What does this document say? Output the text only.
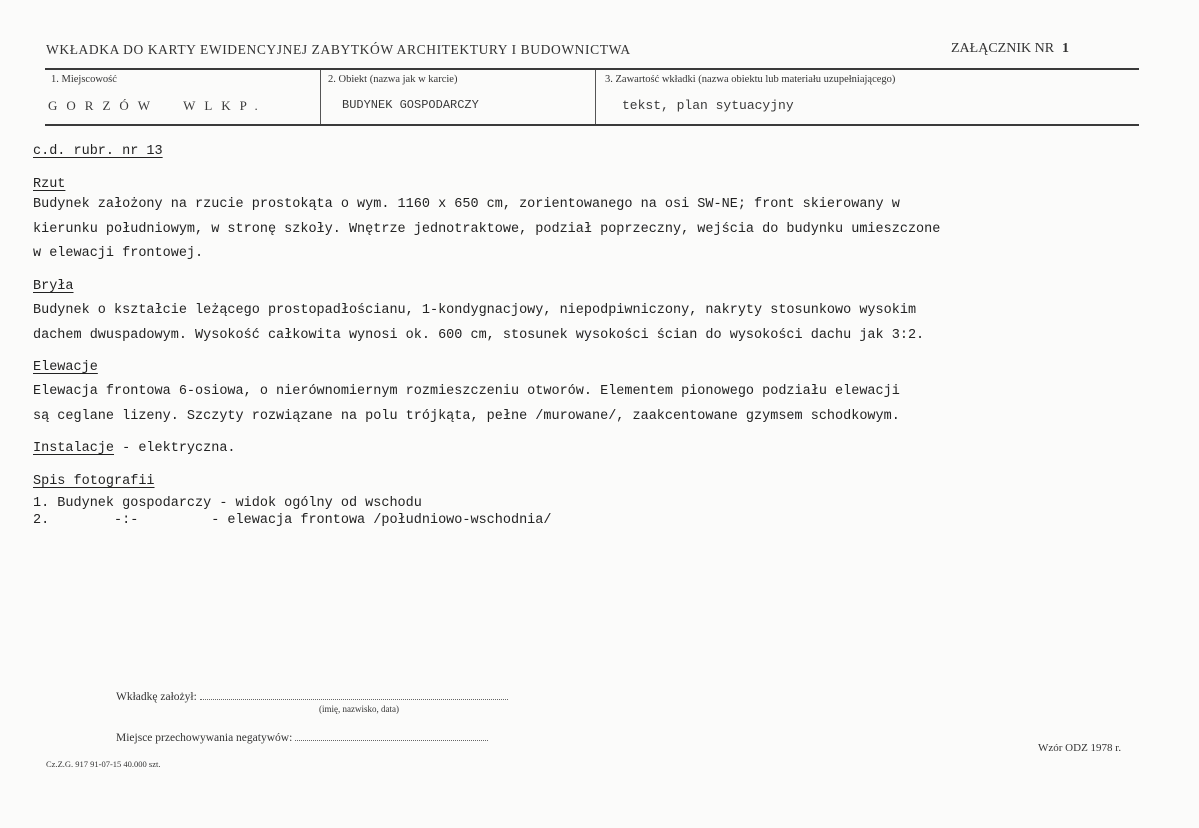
WKŁADKA DO KARTY EWIDENCYJNEJ ZABYTKÓW ARCHITEKTURY I BUDOWNICTWA	ZAŁĄCZNIK NR 1
1. Miejscowość
GORZÓW  WLKP.
2. Obiekt (nazwa jak w karcie)
BUDYNEK GOSPODARCZY
3. Zawartość wkładki (nazwa obiektu lub materiału uzupełniającego)
tekst, plan sytuacyjny
c.d. rubr. nr 13
Rzut
Budynek założony na rzucie prostokąta o wym. 1160 x 650 cm, zorientowanego na osi SW-NE; front skierowany w
kierunku południowym, w stronę szkoły. Wnętrze jednotraktowe, podział poprzeczny, wejścia do budynku umieszczone
w elewacji frontowej.
Bryła
Budynek o kształcie leżącego prostopadłościanu, 1-kondygnacjowy, niepodpiwniczony, nakryty stosunkowo wysokim
dachem dwuspadowym. Wysokość całkowita wynosi ok. 600 cm, stosunek wysokości ścian do wysokości dachu jak 3:2.
Elewacje
Elewacja frontowa 6-osiowa, o nierównomiernym rozmieszczeniu otworów. Elementem pionowego podziału elewacji
są ceglane lizeny. Szczyty rozwiązane na polu trójkąta, pełne /murowane/, zaakcentowane gzymsem schodkowym.
Instalacje - elektryczna.
Spis fotografii
1. Budynek gospodarczy - widok ogólny od wschodu
2.        -:-         - elewacja frontowa /południowo-wschodnia/
Wkładkę założył:
(imię, nazwisko, data)
Miejsce przechowywania negatywów:
Cz.Z.G. 917 91-07-15 40.000 szt.
Wzór ODZ 1978 r.
